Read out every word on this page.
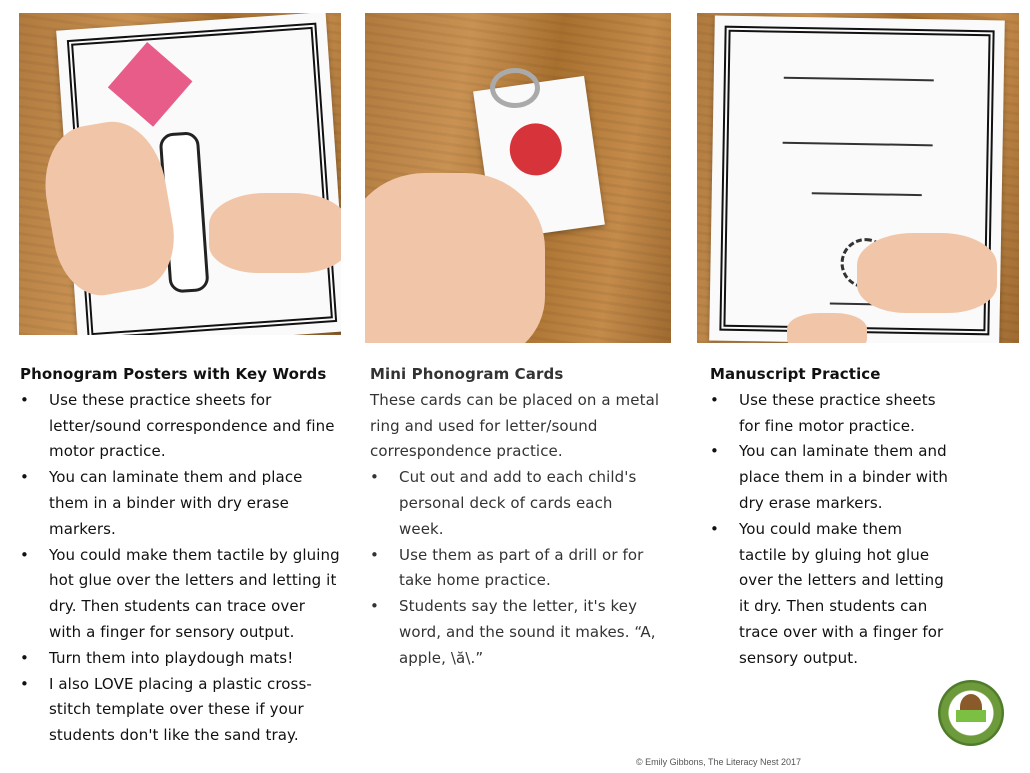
Phonogram Posters with Key Words
• Use these practice sheets for letter/sound correspondence and fine motor practice.
• You can laminate them and place them in a binder with dry erase markers.
• You could make them tactile by gluing hot glue over the letters and letting it dry. Then students can trace over with a finger for sensory output.
• Turn them into playdough mats!
• I also LOVE placing a plastic cross-stitch template over these if your students don't like the sand tray.
Mini Phonogram Cards

These cards can be placed on a metal ring and used for letter/sound correspondence practice.

• Cut out and add to each child's personal deck of cards each week.
• Use them as part of a drill or for take home practice.
• Students say the letter, it's key word, and the sound it makes. “A, apple, \ă\.”
Manuscript Practice
• Use these practice sheets for fine motor practice.
• You can laminate them and place them in a binder with dry erase markers.
• You could make them tactile by gluing hot glue over the letters and letting it dry. Then students can trace over with a finger for sensory output.
© Emily Gibbons, The Literacy Nest 2017
